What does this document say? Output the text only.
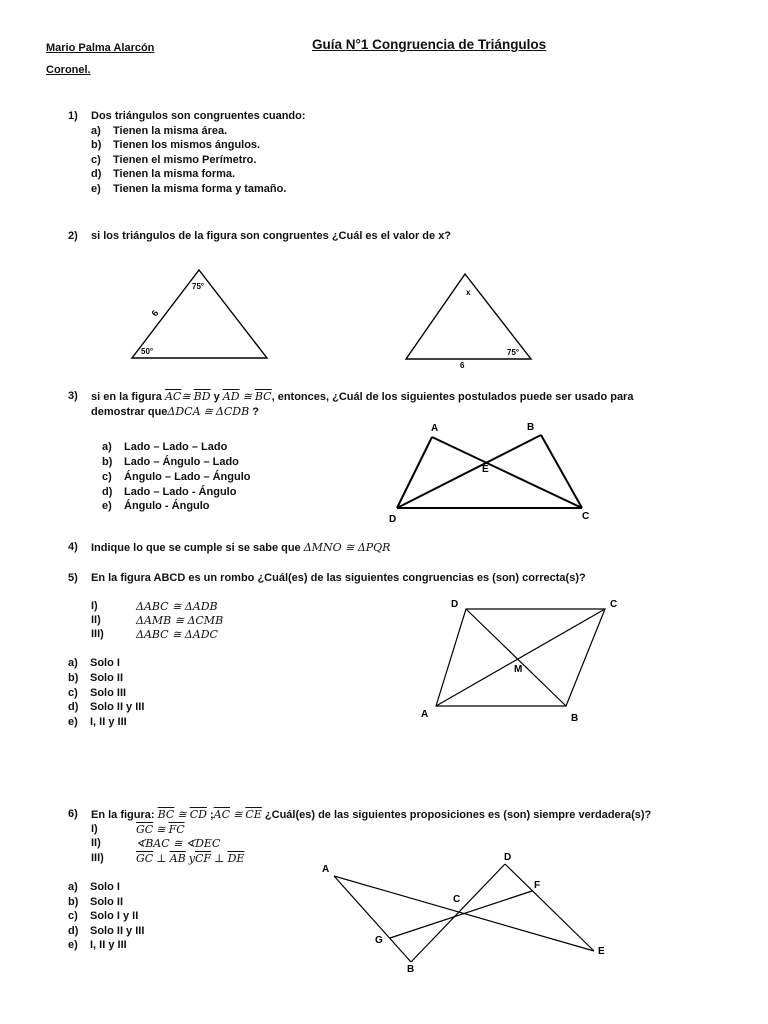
Mario Palma Alarcón	Guía N°1 Congruencia de Triángulos
Coronel.
1) Dos triángulos son congruentes cuando:
a) Tienen la misma área.
b) Tienen los mismos ángulos.
c) Tienen el mismo Perímetro.
d) Tienen la misma forma.
e) Tienen la misma forma y tamaño.
2) si los triángulos de la figura son congruentes ¿Cuál es el valor de x?
75°
50°
6
x
75°
6
3) si en la figura $\overline{AC}≅$ $\overline{BD}$ y $\overline{AD}$ ≅ $\overline{BC}$, entonces, ¿Cuál de los siguientes postulados puede ser usado para
demostrar queΔDCA ≅ ΔCDB ?
a) Lado – Lado – Lado
b) Lado – Ángulo – Lado
c) Ángulo – Lado – Ángulo
d) Lado – Lado - Ángulo
e) Ángulo - Ángulo
A	B
E
D	C
4) Indique lo que se cumple si se sabe que ΔMNO ≅ ΔPQR
5) En la figura ABCD es un rombo ¿Cuál(es) de las siguientes congruencias es (son) correcta(s)?
I)	ΔABC ≅ ΔADB
II)	ΔAMB ≅ ΔCMB
III)	ΔABC ≅ ΔADC
a) Solo I
b) Solo II
c) Solo III
d) Solo II y III
e) I, II y III
D	C
M
A	B
6) En la figura: $\overline{BC}$ ≅ $\overline{CD}$ $;\overline{AC}$ ≅ $\overline{CE}$ ¿Cuál(es) de las siguientes proposiciones es (son) siempre verdadera(s)?
I)	$\overline{GC}$ ≅ $\overline{FC}$
II)	∢BAC ≅ ∢DEC
III)	$\overline{GC}$ ⊥ $\overline{AB}$ $y\overline{CF}$ ⊥ $\overline{DE}$
a) Solo I
b) Solo II
c) Solo I y II
d) Solo II y III
e) I, II y III
A
D
F
C
G
E
B
